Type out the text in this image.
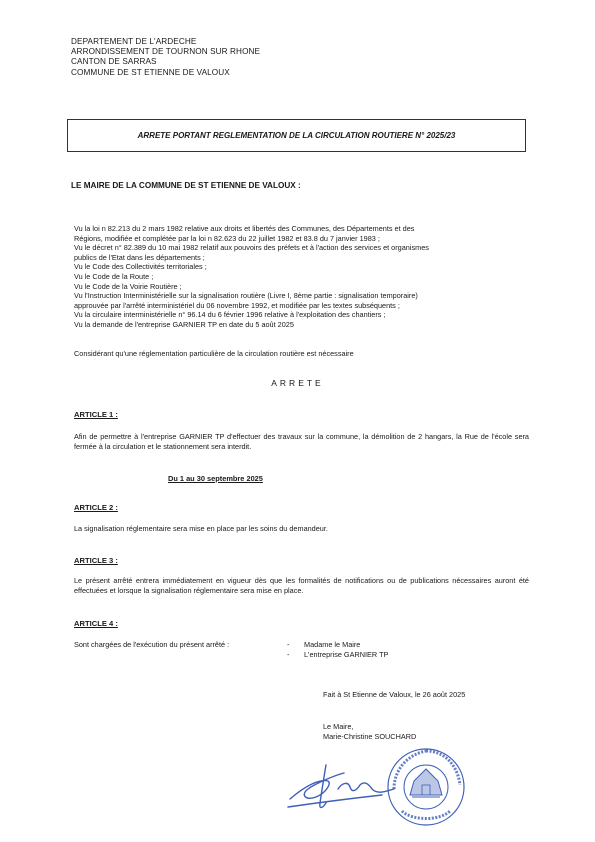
DEPARTEMENT DE L'ARDECHE
ARRONDISSEMENT DE TOURNON SUR RHONE
CANTON DE SARRAS
COMMUNE DE ST ETIENNE DE VALOUX
ARRETE PORTANT REGLEMENTATION DE LA CIRCULATION ROUTIERE N° 2025/23
LE MAIRE DE LA COMMUNE DE ST ETIENNE DE VALOUX :
Vu la loi n 82.213 du 2 mars 1982 relative aux droits et libertés des Communes, des Départements et des
Régions, modifiée et complétée par la loi n 82.623 du 22 juillet 1982 et 83.8 du 7 janvier 1983 ;
Vu le décret n° 82.389 du 10 mai 1982 relatif aux pouvoirs des préfets et à l'action des services et organismes
publics de l'Etat dans les départements ;
Vu le Code des Collectivités territoriales ;
Vu le Code de la Route ;
Vu le Code de la Voirie Routière ;
Vu l'Instruction Interministérielle sur la signalisation routière (Livre I, 8ème partie : signalisation temporaire)
approuvée par l'arrêté interministériel du 06 novembre 1992, et modifiée par les textes subséquents ;
Vu la circulaire interministérielle n° 96.14 du 6 février 1996 relative à l'exploitation des chantiers ;
Vu la demande de l'entreprise GARNIER TP en date du 5 août 2025
Considérant qu'une réglementation particulière de la circulation routière est nécessaire
ARRETE
ARTICLE 1 :
Afin de permettre à l'entreprise GARNIER TP d'effectuer des travaux sur la commune, la démolition de 2 hangars, la Rue de l'école sera fermée à la circulation et le stationnement sera interdit.
Du 1 au 30 septembre 2025
ARTICLE 2 :
La signalisation réglementaire sera mise en place par les soins du demandeur.
ARTICLE 3 :
Le présent arrêté entrera immédiatement en vigueur dès que les formalités de notifications ou de publications nécessaires auront été effectuées et lorsque la signalisation réglementaire sera mise en place.
ARTICLE 4 :
Sont chargées de l'exécution du présent arrêté :	- Madame le Maire
- L'entreprise GARNIER TP
Fait à St Etienne de Valoux, le 26 août 2025
Le Maire,
Marie-Christine SOUCHARD
